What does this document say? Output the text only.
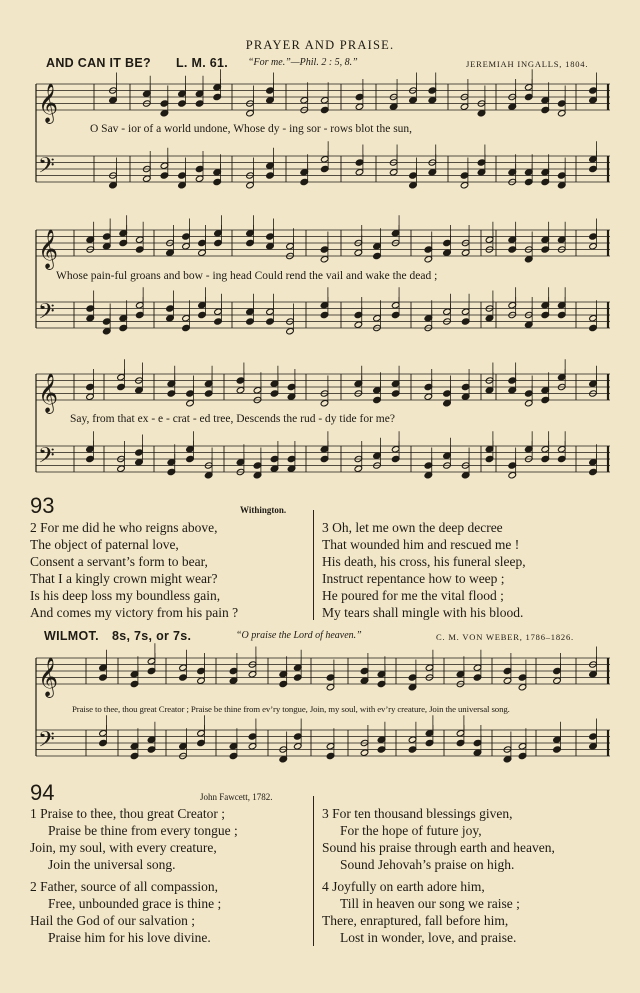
PRAYER AND PRAISE.
AND CAN IT BE? L. M. 61. “For me.”—Phil. 2 : 5, 8.”	JEREMIAH INGALLS, 1804.
𝄞
𝄢
O Sav - ior of a world undone, Whose dy - ing sor - rows blot the sun,
𝄞
𝄢
Whose pain-ful groans and bow - ing head Could rend the vail and wake the dead ;
𝄞
𝄢
Say, from that ex - e - crat - ed tree, Descends the rud - dy tide for me?
93	Withington.
2 For me did he who reigns above,
The object of paternal love,
Consent a servant’s form to bear,
That I a kingly crown might wear?
Is his deep loss my boundless gain,
And comes my victory from his pain ?
3 Oh, let me own the deep decree
That wounded him and rescued me !
His death, his cross, his funeral sleep,
Instruct repentance how to weep ;
He poured for me the vital flood ;
My tears shall mingle with his blood.
WILMOT. 8s, 7s, or 7s.	“O praise the Lord of heaven.”	C. M. VON WEBER, 1786–1826.
𝄞
𝄢
Praise to thee, thou great Creator ; Praise be thine from ev’ry tongue, Join, my soul, with ev’ry creature, Join the universal song.
94	John Fawcett, 1782.
1 Praise to thee, thou great Creator ;
Praise be thine from every tongue ;
Join, my soul, with every creature,
Join the universal song.
2 Father, source of all compassion,
Free, unbounded grace is thine ;
Hail the God of our salvation ;
Praise him for his love divine.
3 For ten thousand blessings given,
For the hope of future joy,
Sound his praise through earth and heaven,
Sound Jehovah’s praise on high.
4 Joyfully on earth adore him,
Till in heaven our song we raise ;
There, enraptured, fall before him,
Lost in wonder, love, and praise.
